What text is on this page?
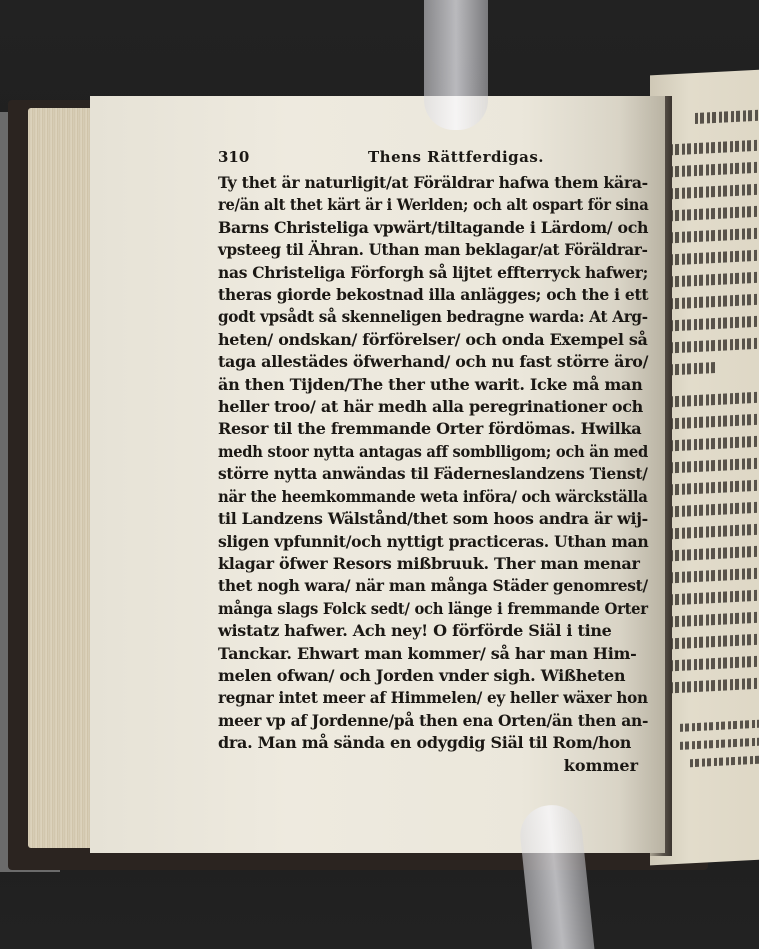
310	Thens Rättferdigas.
Ty thet är naturligit/at Föräldrar hafwa them kära-
re/än alt thet kärt är i Werlden; och alt ospart för sina
Barns Christeliga vpwärt/tiltagande i Lärdom/ och
vpsteeg til Ähran. Uthan man beklagar/at Föräldrar-
nas Christeliga Förforgh så lijtet effterryck hafwer;
theras giorde bekostnad illa anlägges; och the i ett
godt vpsådt så skenneligen bedragne warda: At Arg-
heten/ ondskan/ förförelser/ och onda Exempel så
taga allestädes öfwerhand/ och nu fast större äro/
än then Tijden/The ther uthe warit. Icke må man
heller troo/ at här medh alla peregrinationer och
Resor til the fremmande Orter fördömas. Hwilka
medh stoor nytta antagas aff somblligom; och än med
större nytta anwändas til Fäderneslandzens Tienst/
när the heemkommande weta införa/ och wärckställa
til Landzens Wälstånd/thet som hoos andra är wij-
sligen vpfunnit/och nyttigt practiceras. Uthan man
klagar öfwer Resors mißbruuk. Ther man menar
thet nogh wara/ när man många Städer genomrest/
många slags Folck sedt/ och länge i fremmande Orter
wistatz hafwer. Ach ney! O förförde Siäl i tine
Tanckar. Ehwart man kommer/ så har man Him-
melen ofwan/ och Jorden vnder sigh. Wißheten
regnar intet meer af Himmelen/ ey heller wäxer hon
meer vp af Jordenne/på then ena Orten/än then an-
dra. Man må sända en odygdig Siäl til Rom/hon
kommer
